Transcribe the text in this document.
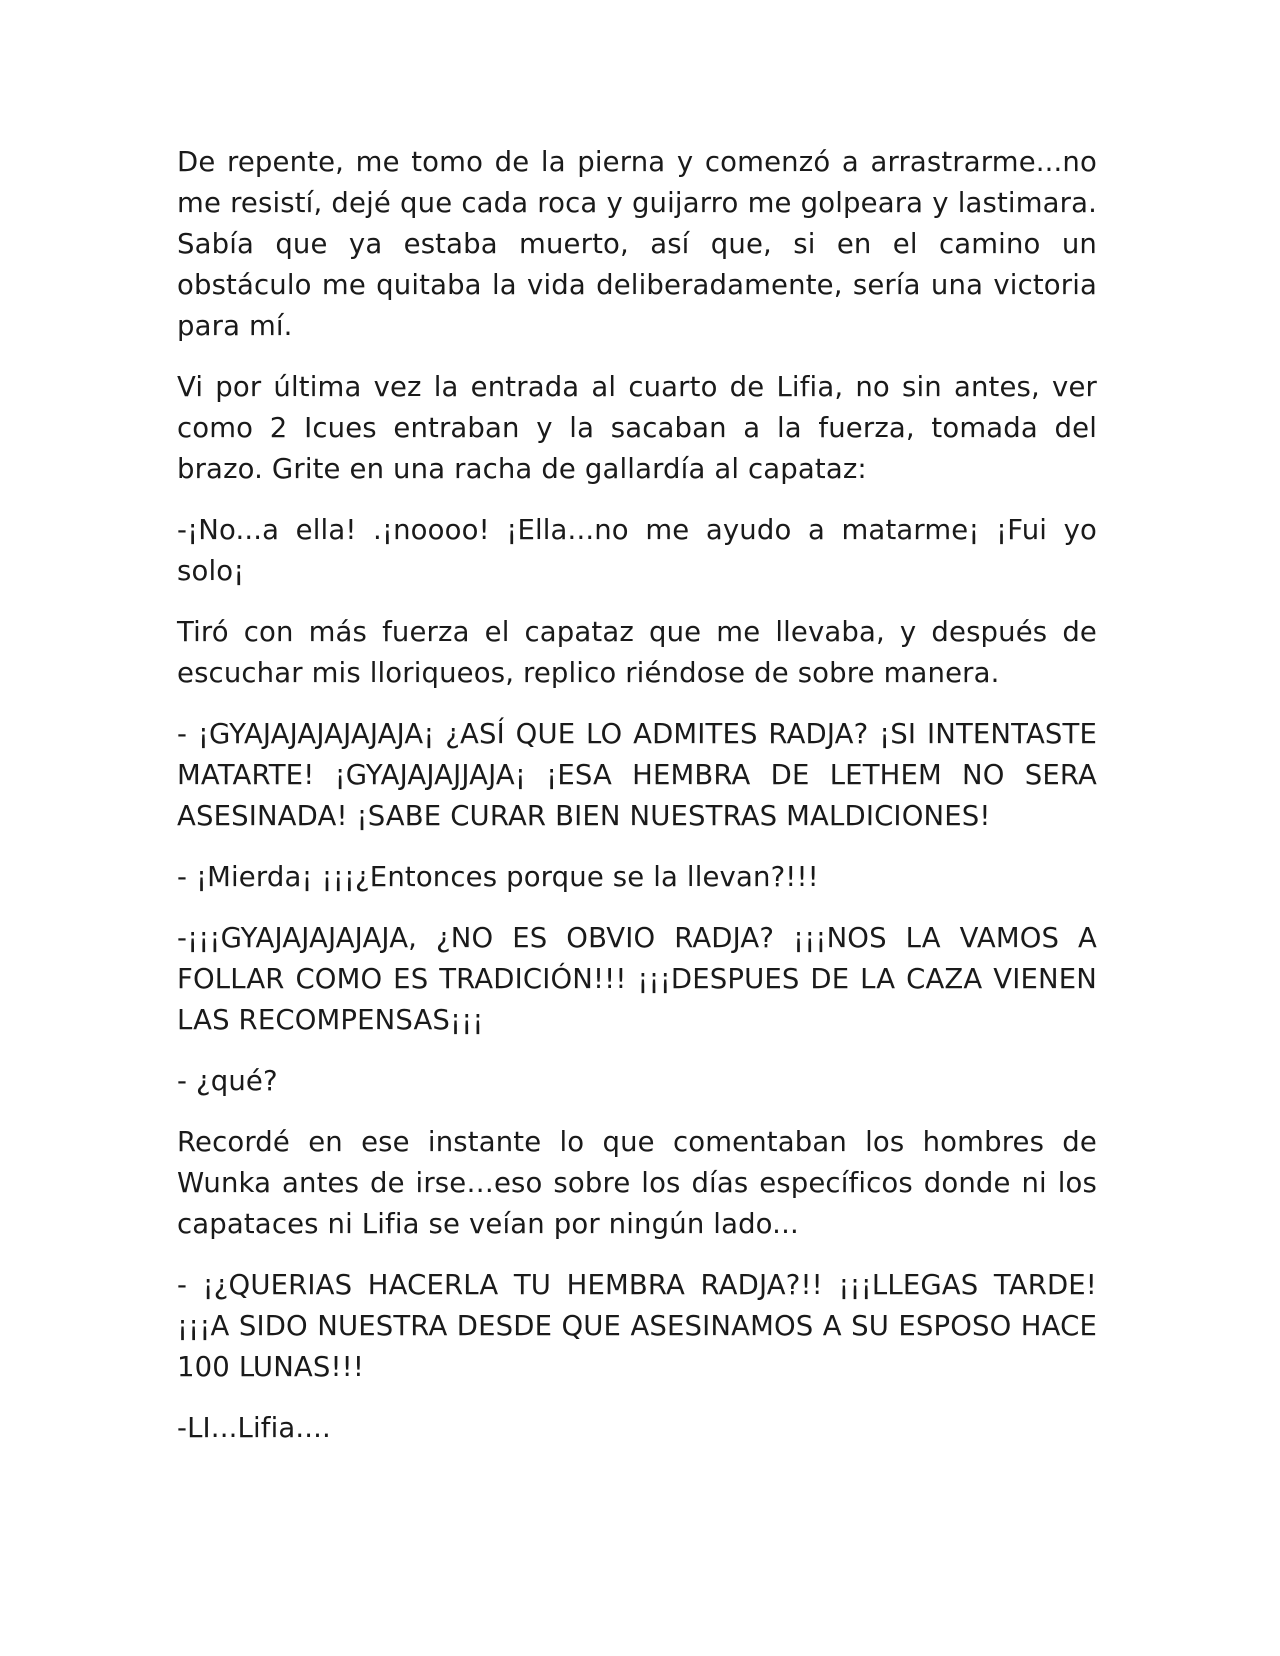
De repente, me tomo de la pierna y comenzó a arrastrarme...no me resistí, dejé que cada roca y guijarro me golpeara y lastimara. Sabía que ya estaba muerto, así que, si en el camino un obstáculo me quitaba la vida deliberadamente, sería una victoria para mí.

Vi por última vez la entrada al cuarto de Lifia, no sin antes, ver como 2 Icues entraban y la sacaban a la fuerza, tomada del brazo. Grite en una racha de gallardía al capataz:

-¡No...a ella! .¡noooo! ¡Ella...no me ayudo a matarme¡ ¡Fui yo solo¡

Tiró con más fuerza el capataz que me llevaba, y después de escuchar mis lloriqueos, replico riéndose de sobre manera.

- ¡GYAJAJAJAJAJAJA¡ ¿ASÍ QUE LO ADMITES RADJA? ¡SI INTENTASTE MATARTE! ¡GYAJAJAJJAJA¡ ¡ESA HEMBRA DE LETHEM NO SERA ASESINADA! ¡SABE CURAR BIEN NUESTRAS MALDICIONES!

- ¡Mierda¡ ¡¡¡¿Entonces porque se la llevan?!!!

-¡¡¡GYAJAJAJAJAJA, ¿NO ES OBVIO RADJA? ¡¡¡NOS LA VAMOS A FOLLAR COMO ES TRADICIÓN!!! ¡¡¡DESPUES DE LA CAZA VIENEN LAS RECOMPENSAS¡¡¡

- ¿qué?

Recordé en ese instante lo que comentaban los hombres de Wunka antes de irse…eso sobre los días específicos donde ni los capataces ni Lifia se veían por ningún lado...

- ¡¿QUERIAS HACERLA TU HEMBRA RADJA?!! ¡¡¡LLEGAS TARDE! ¡¡¡A SIDO NUESTRA DESDE QUE ASESINAMOS A SU ESPOSO HACE 100 LUNAS!!!

-LI...Lifia....
